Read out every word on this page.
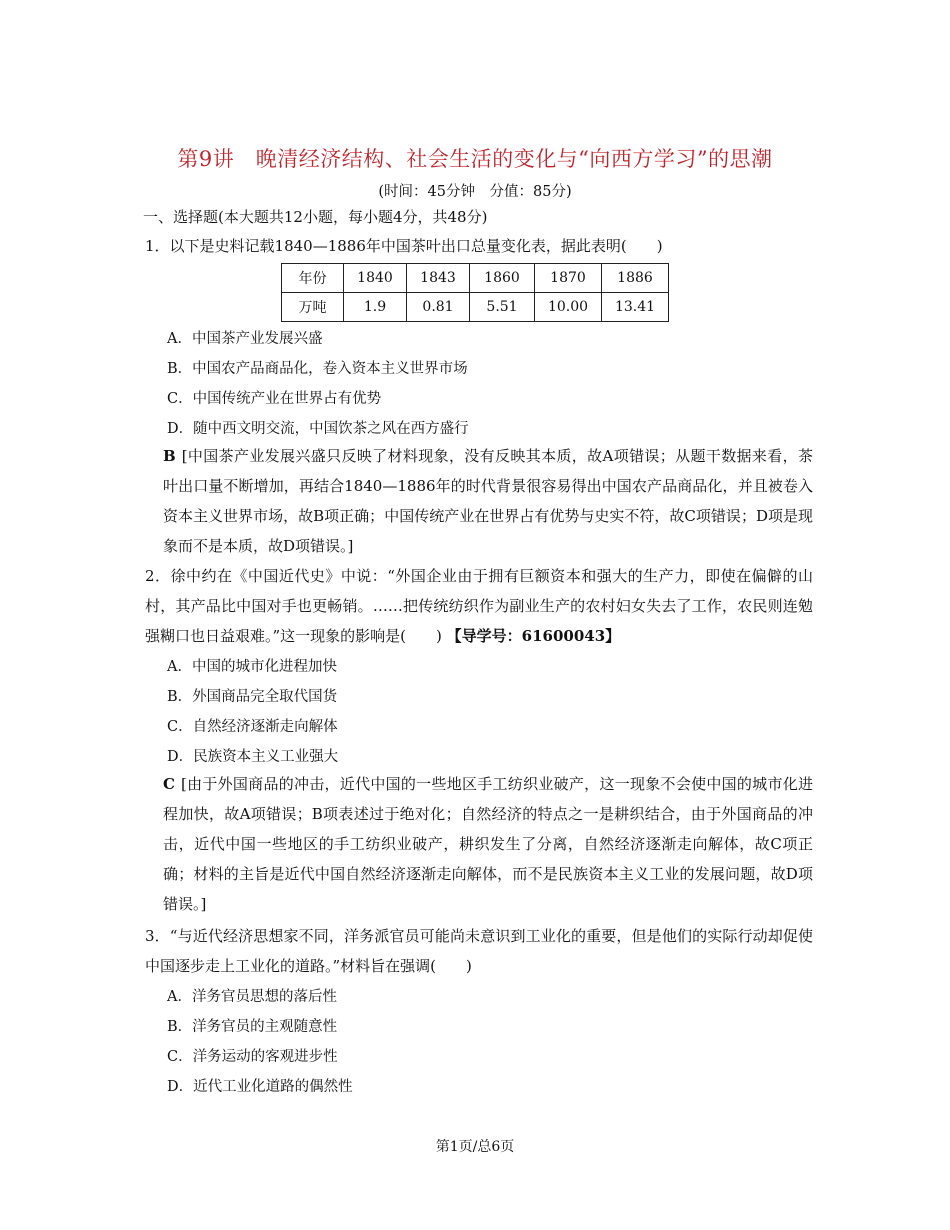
第9讲　晚清经济结构、社会生活的变化与“向西方学习”的思潮
(时间：45分钟　分值：85分)
一、选择题(本大题共12小题，每小题4分，共48分)
1．以下是史料记载1840—1886年中国茶叶出口总量变化表，据此表明(　　)
年份	1840	1843	1860	1870	1886
万吨	1.9	0.81	5.51	10.00	13.41
A．中国茶产业发展兴盛
B．中国农产品商品化，卷入资本主义世界市场
C．中国传统产业在世界占有优势
D．随中西文明交流，中国饮茶之风在西方盛行
B [中国茶产业发展兴盛只反映了材料现象，没有反映其本质，故A项错误；从题干数据来看，茶叶出口量不断增加，再结合1840—1886年的时代背景很容易得出中国农产品商品化，并且被卷入资本主义世界市场，故B项正确；中国传统产业在世界占有优势与史实不符，故C项错误；D项是现象而不是本质，故D项错误。]
2．徐中约在《中国近代史》中说：“外国企业由于拥有巨额资本和强大的生产力，即使在偏僻的山村，其产品比中国对手也更畅销。……把传统纺织作为副业生产的农村妇女失去了工作，农民则连勉强糊口也日益艰难。”这一现象的影响是(　　) 【导学号：61600043】
A．中国的城市化进程加快
B．外国商品完全取代国货
C．自然经济逐渐走向解体
D．民族资本主义工业强大
C [由于外国商品的冲击，近代中国的一些地区手工纺织业破产，这一现象不会使中国的城市化进程加快，故A项错误；B项表述过于绝对化；自然经济的特点之一是耕织结合，由于外国商品的冲击，近代中国一些地区的手工纺织业破产，耕织发生了分离，自然经济逐渐走向解体，故C项正确；材料的主旨是近代中国自然经济逐渐走向解体，而不是民族资本主义工业的发展问题，故D项错误。]
3．“与近代经济思想家不同，洋务派官员可能尚未意识到工业化的重要，但是他们的实际行动却促使中国逐步走上工业化的道路。”材料旨在强调(　　)
A．洋务官员思想的落后性
B．洋务官员的主观随意性
C．洋务运动的客观进步性
D．近代工业化道路的偶然性
第1页/总6页
